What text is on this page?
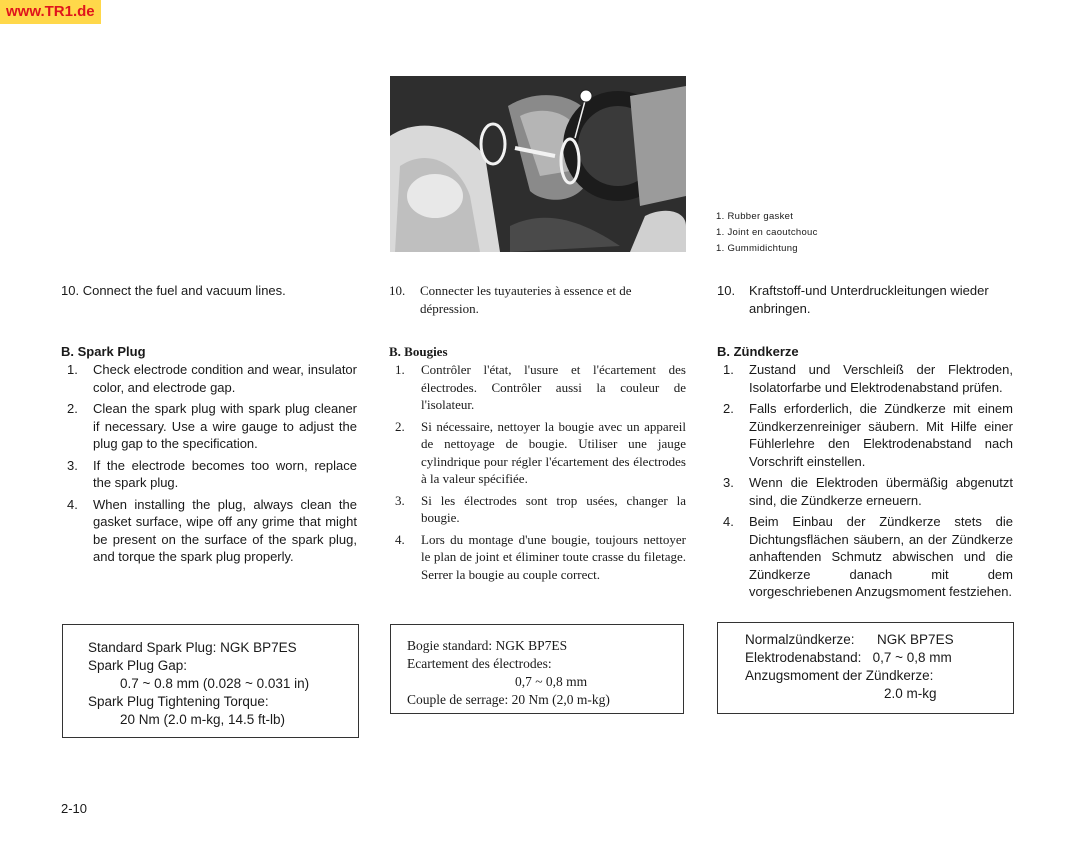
www.TR1.de
1. Rubber gasket
1. Joint en caoutchouc
1. Gummidichtung

10. Connect the fuel and vacuum lines.
B. Spark Plug
1. Check electrode condition and wear, insulator color, and electrode gap.
2. Clean the spark plug with spark plug cleaner if necessary. Use a wire gauge to adjust the plug gap to the specification.
3. If the electrode becomes too worn, replace the spark plug.
4. When installing the plug, always clean the gasket surface, wipe off any grime that might be present on the surface of the spark plug, and torque the spark plug properly.
Standard Spark Plug: NGK BP7ES
Spark Plug Gap:
0.7 ~ 0.8 mm (0.028 ~ 0.031 in)
Spark Plug Tightening Torque:
20 Nm (2.0 m-kg, 14.5 ft-lb)
10. Connecter les tuyauteries à essence et de dépression.
B. Bougies
1. Contrôler l'état, l'usure et l'écartement des électrodes. Contrôler aussi la couleur de l'isolateur.
2. Si nécessaire, nettoyer la bougie avec un appareil de nettoyage de bougie. Utiliser une jauge cylindrique pour régler l'écartement des électrodes à la valeur spécifiée.
3. Si les électrodes sont trop usées, changer la bougie.
4. Lors du montage d'une bougie, toujours nettoyer le plan de joint et éliminer toute crasse du filetage. Serrer la bougie au couple correct.
Bogie standard: NGK BP7ES
Ecartement des électrodes:
0,7 ~ 0,8 mm
Couple de serrage: 20 Nm (2,0 m-kg)
10. Kraftstoff-und Unterdruckleitungen wieder anbringen.
B. Zündkerze
1. Zustand und Verschleiß der Flektroden, Isolatorfarbe und Elektrodenabstand prüfen.
2. Falls erforderlich, die Zündkerze mit einem Zündkerzenreiniger säubern. Mit Hilfe einer Fühlerlehre den Elektrodenabstand nach Vorschrift einstellen.
3. Wenn die Elektroden übermäßig abgenutzt sind, die Zündkerze erneuern.
4. Beim Einbau der Zündkerze stets die Dichtungsflächen säubern, an der Zündkerze anhaftenden Schmutz abwischen und die Zündkerze danach mit dem vorgeschriebenen Anzugsmoment festziehen.
Normalzündkerze:      NGK BP7ES
Elektrodenabstand:   0,7 ~ 0,8 mm
Anzugsmoment der Zündkerze:
2.0 m-kg
2-10
